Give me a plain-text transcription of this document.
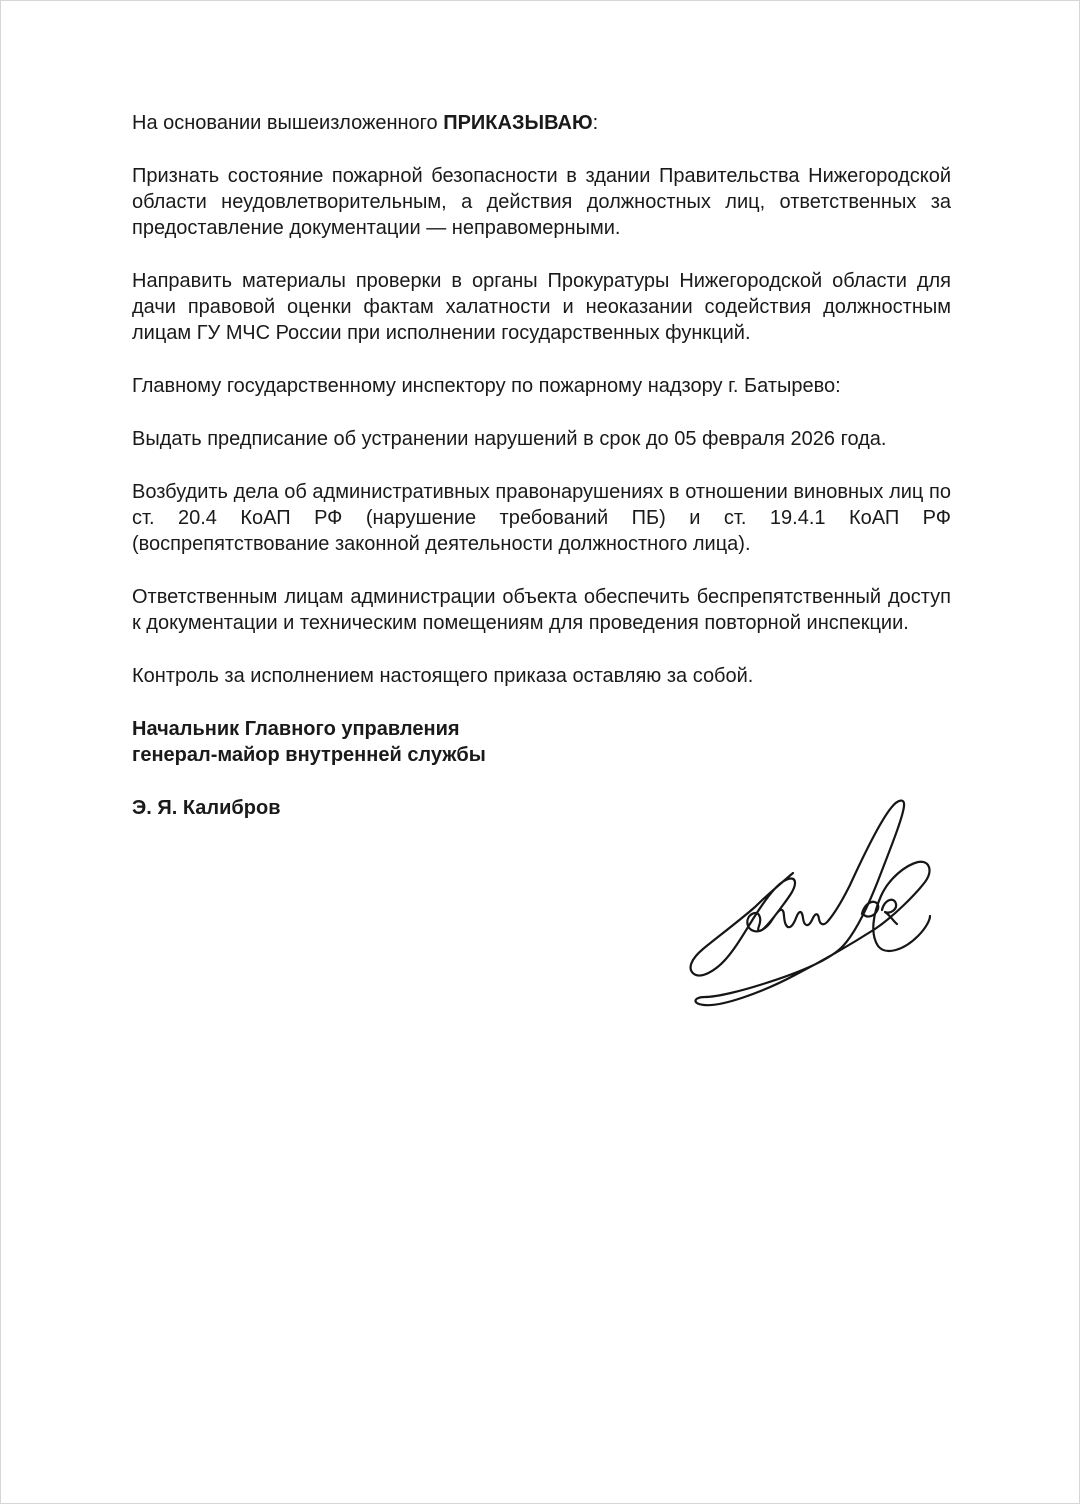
На основании вышеизложенного ПРИКАЗЫВАЮ:

Признать состояние пожарной безопасности в здании Правительства Нижегородской области неудовлетворительным, а действия должностных лиц, ответственных за предоставление документации — неправомерными.

Направить материалы проверки в органы Прокуратуры Нижегородской области для дачи правовой оценки фактам халатности и неоказании содействия должностным лицам ГУ МЧС России при исполнении государственных функций.

Главному государственному инспектору по пожарному надзору г. Батырево:

Выдать предписание об устранении нарушений в срок до 05 февраля 2026 года.

Возбудить дела об административных правонарушениях в отношении виновных лиц по ст. 20.4 КоАП РФ (нарушение требований ПБ) и ст. 19.4.1 КоАП РФ (воспрепятствование законной деятельности должностного лица).

Ответственным лицам администрации объекта обеспечить беспрепятственный доступ к документации и техническим помещениям для проведения повторной инспекции.

Контроль за исполнением настоящего приказа оставляю за собой.

Начальник Главного управления
генерал-майор внутренней службы

Э. Я. Калибров
